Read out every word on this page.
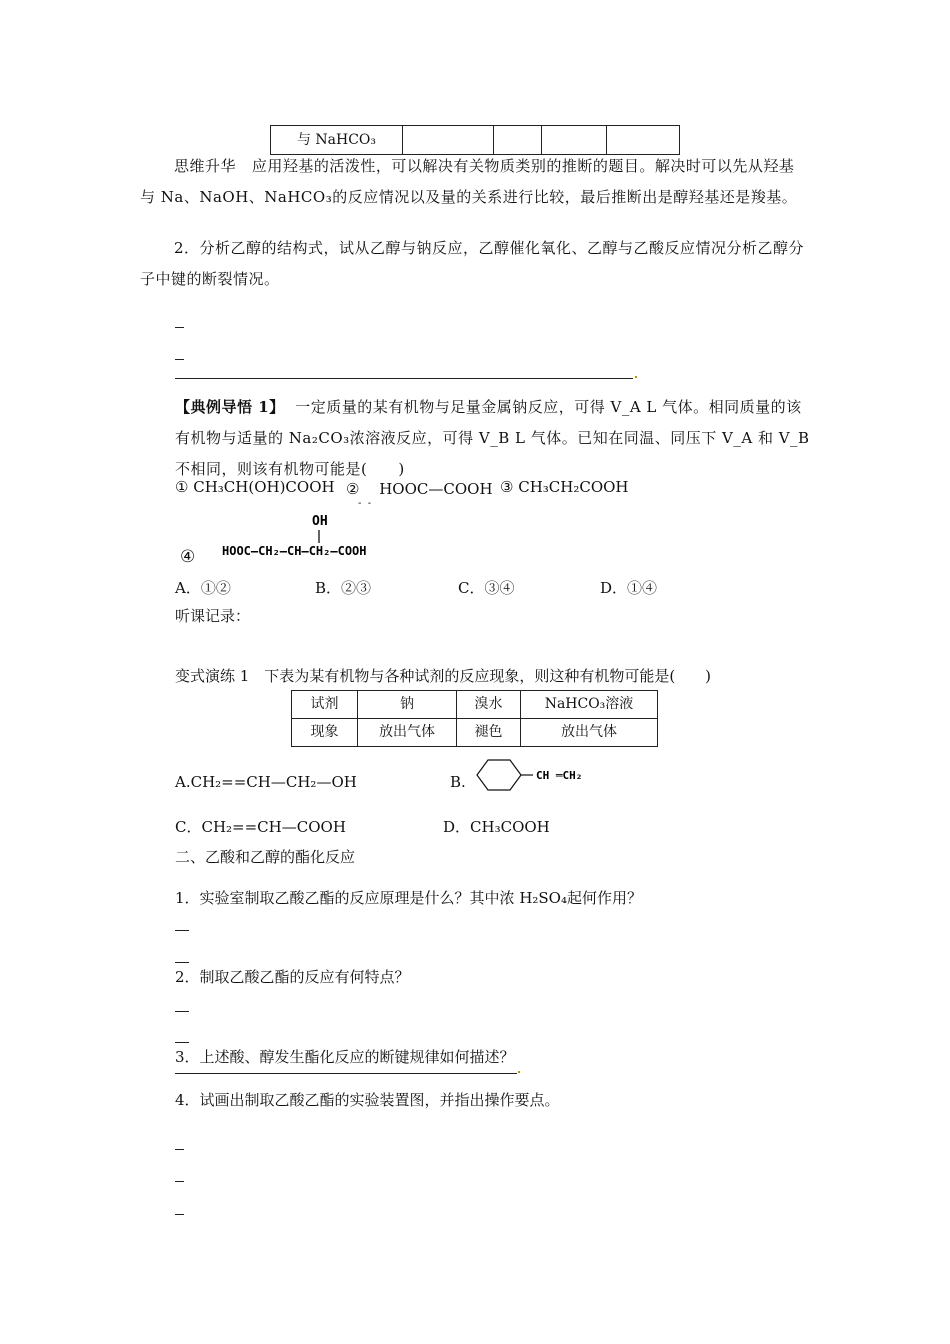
与 NaHCO₃				
思维升华 应用羟基的活泼性，可以解决有关物质类别的推断的题目。解决时可以先从羟基与 Na、NaOH、NaHCO₃的反应情况以及量的关系进行比较，最后推断出是醇羟基还是羧基。
2．分析乙醇的结构式，试从乙醇与钠反应，乙醇催化氧化、乙醇与乙酸反应情况分析乙醇分子中键的断裂情况。
【典例导悟 1】 一定质量的某有机物与足量金属钠反应，可得 V_A L 气体。相同质量的该有机物与适量的 Na₂CO₃浓溶液反应，可得 V_B L 气体。已知在同温、同压下 V_A 和 V_B 不相同，则该有机物可能是(　　)
① CH₃CH(OH)COOH ②　 HOOC—COOH ③ CH₃CH₂COOH
-  -
④
OH
HOOC—CH₂—CH—CH₂—COOH
A．①②	B．②③	C．③④	D．①④
听课记录：
变式演练 1　下表为某有机物与各种试剂的反应现象，则这种有机物可能是(　　)
试剂	钠	溴水	NaHCO₃溶液
现象	放出气体	褪色	放出气体
A.CH₂==CH—CH₂—OH	B.	CH ═CH₂
C．CH₂==CH—COOH	D．CH₃COOH
二、乙酸和乙醇的酯化反应
1．实验室制取乙酸乙酯的反应原理是什么？其中浓 H₂SO₄起何作用？
2．制取乙酸乙酯的反应有何特点？
3．上述酸、醇发生酯化反应的断键规律如何描述？
4．试画出制取乙酸乙酯的实验装置图，并指出操作要点。
